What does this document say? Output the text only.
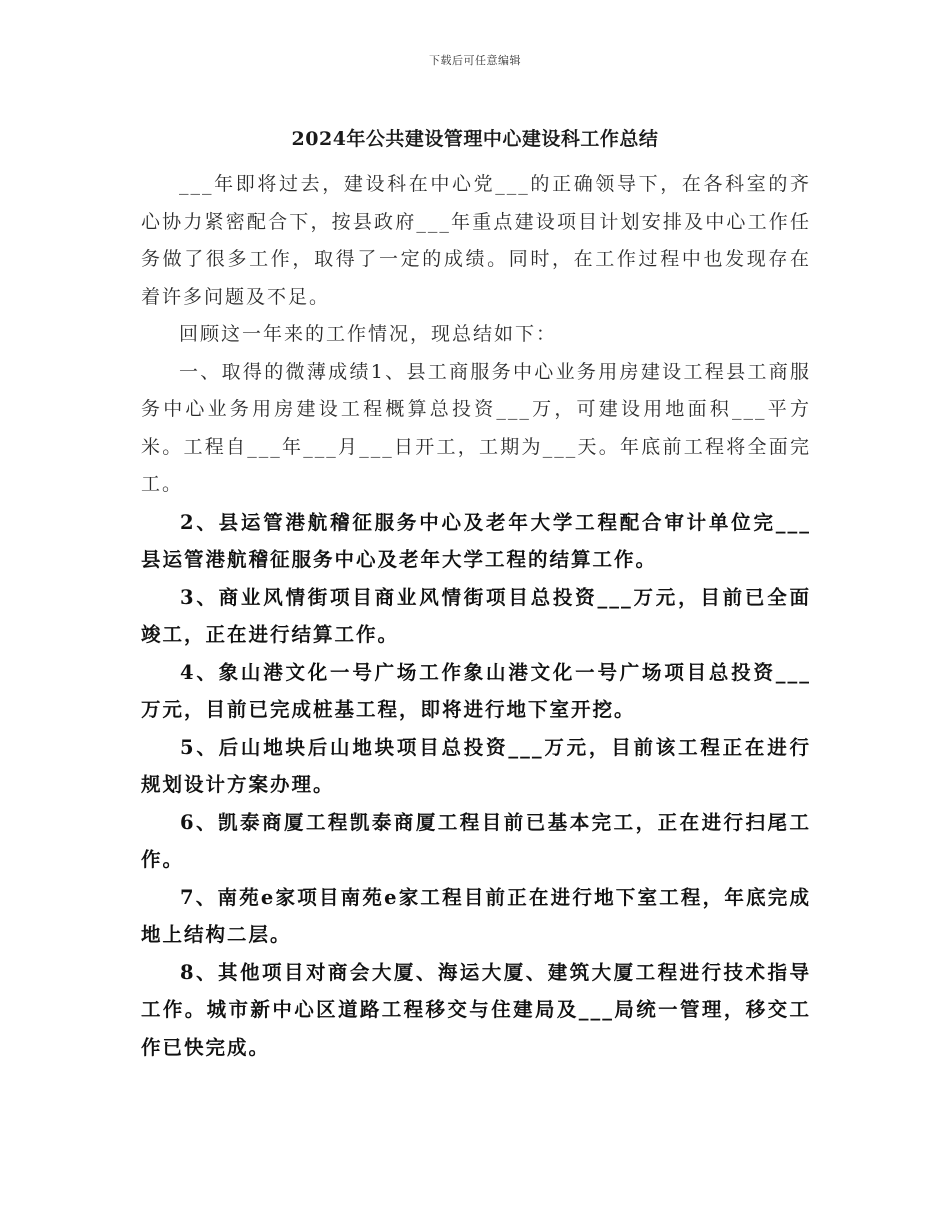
下载后可任意编辑
2024年公共建设管理中心建设科工作总结

___年即将过去，建设科在中心党___的正确领导下，在各科室的齐心协力紧密配合下，按县政府___年重点建设项目计划安排及中心工作任务做了很多工作，取得了一定的成绩。同时，在工作过程中也发现存在着许多问题及不足。

回顾这一年来的工作情况，现总结如下：

一、取得的微薄成绩1、县工商服务中心业务用房建设工程县工商服务中心业务用房建设工程概算总投资___万，可建设用地面积___平方米。工程自___年___月___日开工，工期为___天。年底前工程将全面完工。

2、县运管港航稽征服务中心及老年大学工程配合审计单位完___县运管港航稽征服务中心及老年大学工程的结算工作。

3、商业风情街项目商业风情街项目总投资___万元，目前已全面竣工，正在进行结算工作。

4、象山港文化一号广场工作象山港文化一号广场项目总投资___万元，目前已完成桩基工程，即将进行地下室开挖。

5、后山地块后山地块项目总投资___万元，目前该工程正在进行规划设计方案办理。

6、凯泰商厦工程凯泰商厦工程目前已基本完工，正在进行扫尾工作。

7、南苑e家项目南苑e家工程目前正在进行地下室工程，年底完成地上结构二层。

8、其他项目对商会大厦、海运大厦、建筑大厦工程进行技术指导工作。城市新中心区道路工程移交与住建局及___局统一管理，移交工作已快完成。
